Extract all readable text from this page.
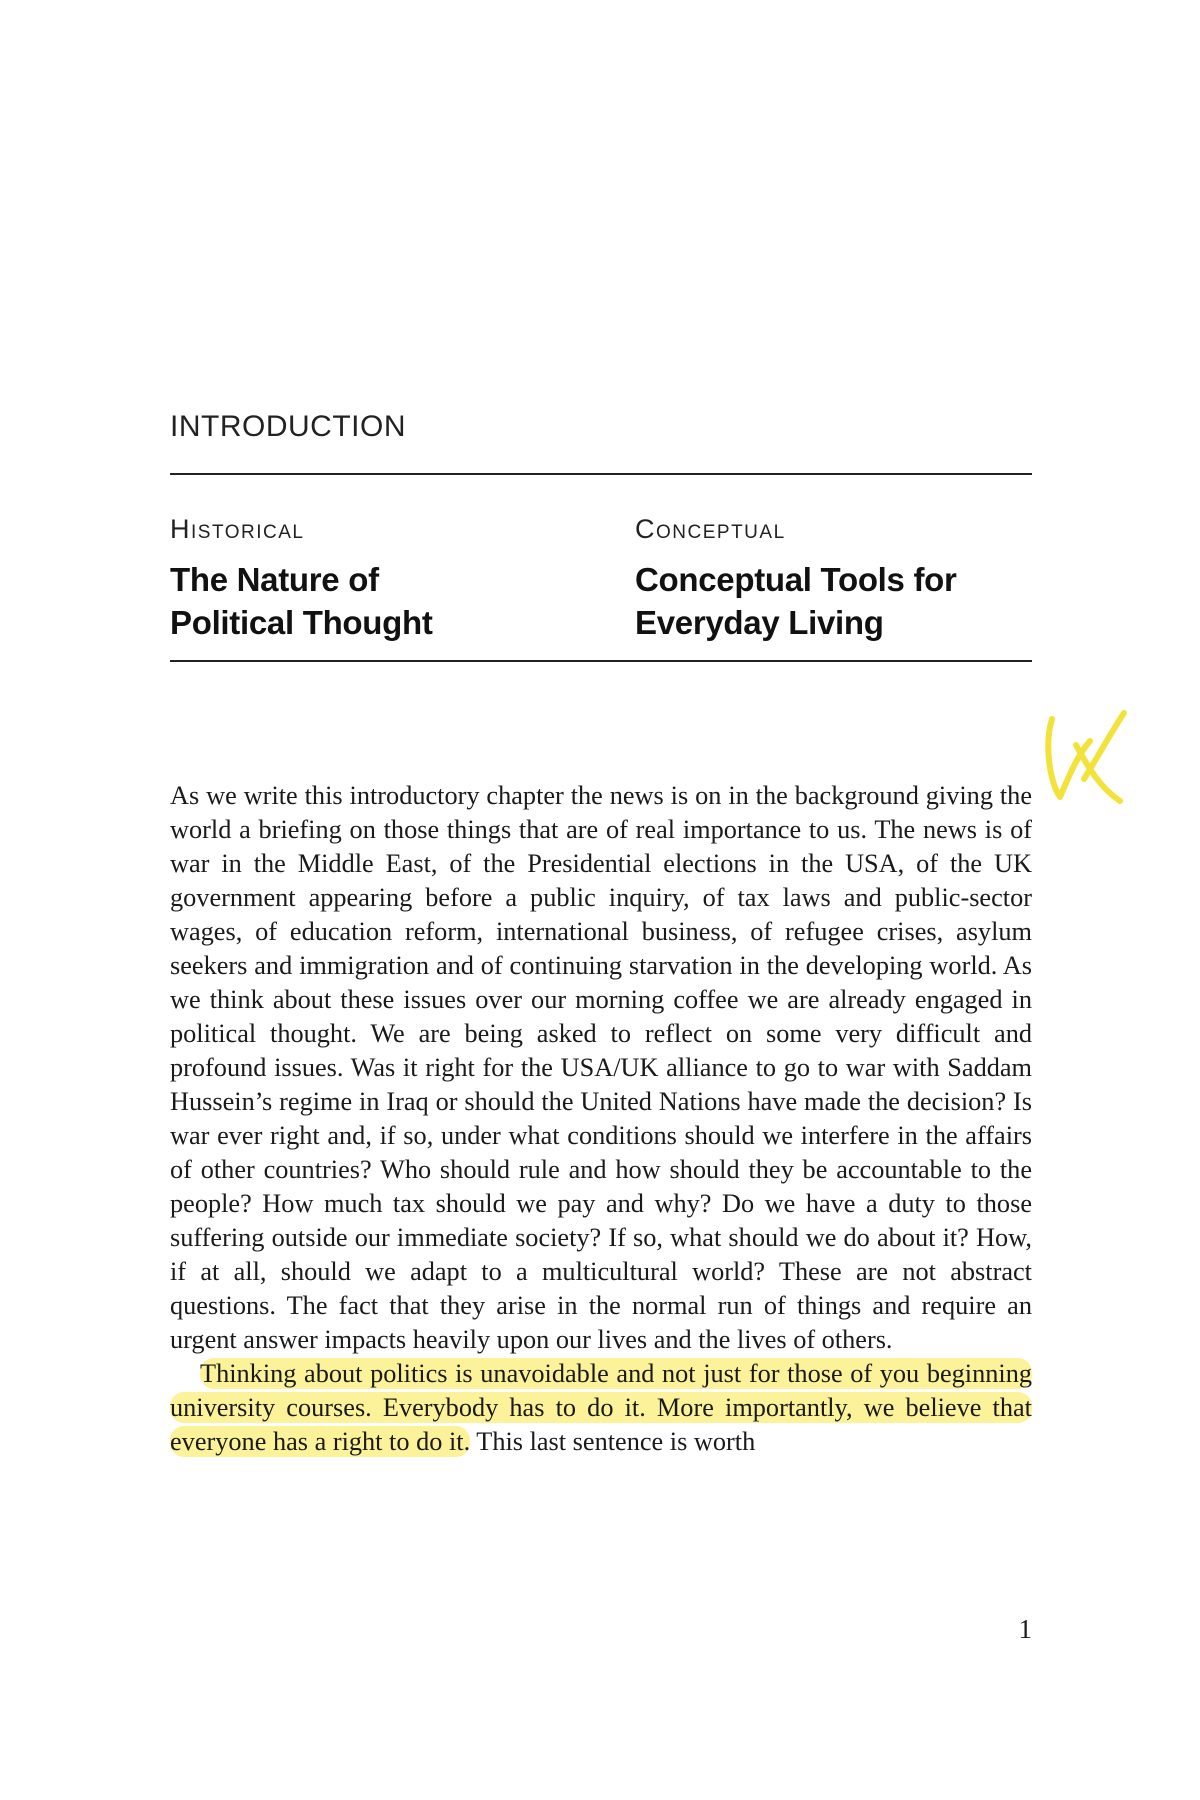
INTRODUCTION
Historical
The Nature of
Political Thought
Conceptual
Conceptual Tools for
Everyday Living

As we write this introductory chapter the news is on in the background giving the world a briefing on those things that are of real importance to us. The news is of war in the Middle East, of the Presidential elections in the USA, of the UK government appearing before a public inquiry, of tax laws and public-sector wages, of education reform, international business, of refugee crises, asylum seekers and immigration and of continuing starvation in the developing world. As we think about these issues over our morning coffee we are already engaged in political thought. We are being asked to reflect on some very difficult and profound issues. Was it right for the USA/UK alliance to go to war with Saddam Hussein’s regime in Iraq or should the United Nations have made the decision? Is war ever right and, if so, under what conditions should we interfere in the affairs of other countries? Who should rule and how should they be accountable to the people? How much tax should we pay and why? Do we have a duty to those suffering outside our immediate society? If so, what should we do about it? How, if at all, should we adapt to a multicultural world? These are not abstract questions. The fact that they arise in the normal run of things and require an urgent answer impacts heavily upon our lives and the lives of others.

Thinking about politics is unavoidable and not just for those of you beginning university courses. Everybody has to do it. More importantly, we believe that everyone has a right to do it. This last sentence is worth

1
